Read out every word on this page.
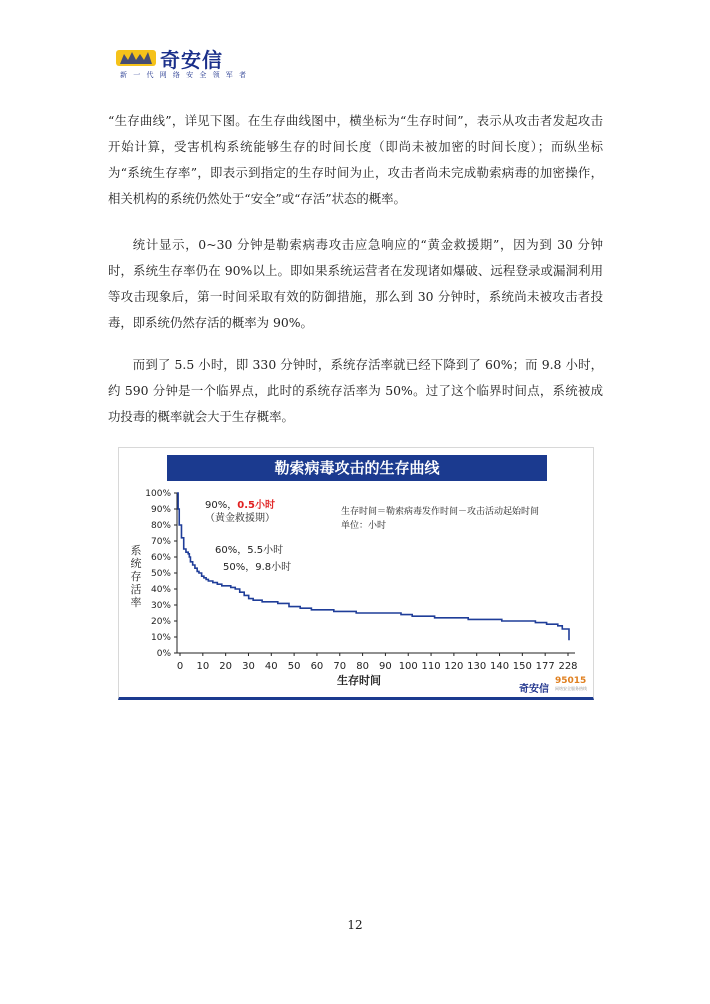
奇安信
新 一 代 网 络 安 全 领 军 者

“生存曲线”，详见下图。在生存曲线图中，横坐标为“生存时间”，表示从攻击者发起攻击开始计算，受害机构系统能够生存的时间长度（即尚未被加密的时间长度）；而纵坐标为“系统生存率”，即表示到指定的生存时间为止，攻击者尚未完成勒索病毒的加密操作，相关机构的系统仍然处于“安全”或“存活”状态的概率。

统计显示，0~30 分钟是勒索病毒攻击应急响应的“黄金救援期”，因为到 30 分钟时，系统生存率仍在 90%以上。即如果系统运营者在发现诸如爆破、远程登录或漏洞利用等攻击现象后，第一时间采取有效的防御措施，那么到 30 分钟时，系统尚未被攻击者投毒，即系统仍然存活的概率为 90%。

而到了 5.5 小时，即 330 分钟时，系统存活率就已经下降到了 60%；而 9.8 小时，约 590 分钟是一个临界点，此时的系统存活率为 50%。过了这个临界时间点，系统被成功投毒的概率就会大于生存概率。

勒索病毒攻击的生存曲线
0%
10%
20%
30%
40%
50%
60%
70%
80%
90%
100%
0 10 20 30 40 50 60 70 80 90 100 110 120 130 140 150 177 228
系
统
存
活
率
生存时间＝勒索病毒发作时间－攻击活动起始时间
单位：小时
90%，0.5小时
（黄金救援期）
60%，5.5小时
50%，9.8小时
生存时间
奇安信
95015
网络安全服务热线
12
